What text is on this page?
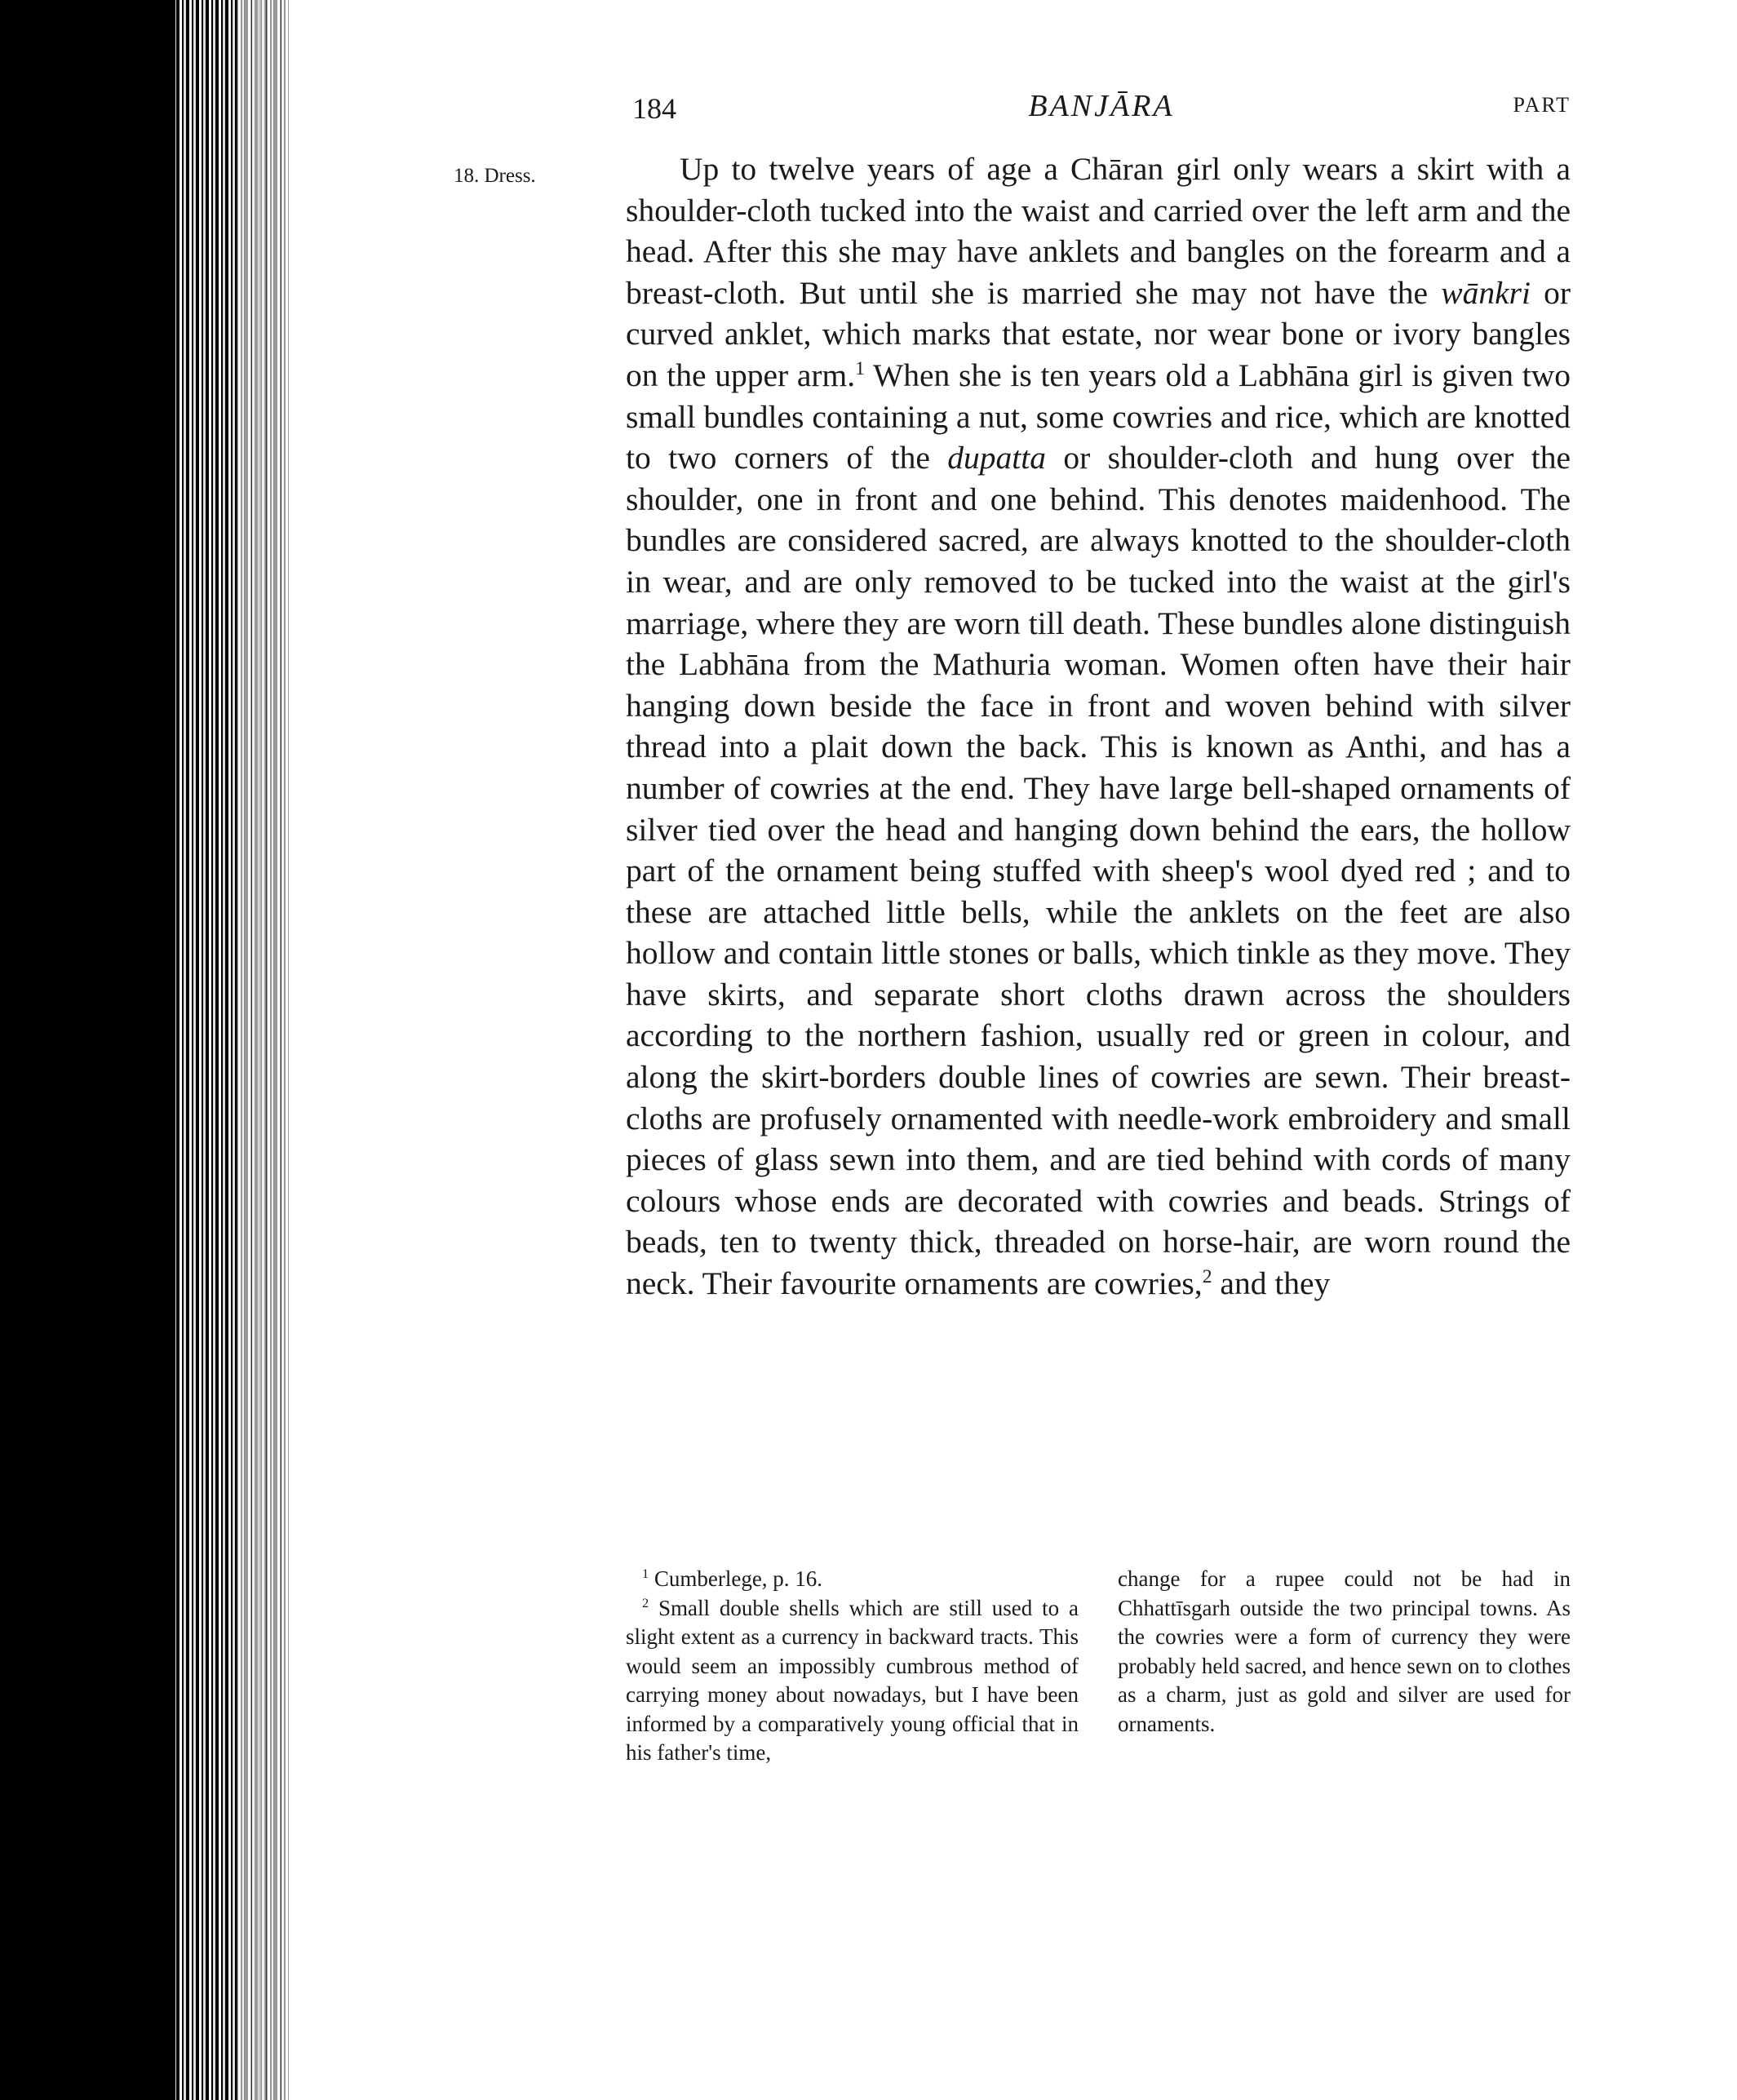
184	BANJĀRA	PART
18. Dress.	Up to twelve years of age a Chāran girl only wears a skirt with a shoulder-cloth tucked into the waist and carried over the left arm and the head. After this she may have anklets and bangles on the forearm and a breast-cloth. But until she is married she may not have the wānkri or curved anklet, which marks that estate, nor wear bone or ivory bangles on the upper arm.$^1$ When she is ten years old a Labhāna girl is given two small bundles containing a nut, some cowries and rice, which are knotted to two corners of the dupatta or shoulder-cloth and hung over the shoulder, one in front and one behind. This denotes maidenhood. The bundles are considered sacred, are always knotted to the shoulder-cloth in wear, and are only removed to be tucked into the waist at the girl's marriage, where they are worn till death. These bundles alone distinguish the Labhāna from the Mathuria woman. Women often have their hair hanging down beside the face in front and woven behind with silver thread into a plait down the back. This is known as Anthi, and has a number of cowries at the end. They have large bell-shaped ornaments of silver tied over the head and hanging down behind the ears, the hollow part of the ornament being stuffed with sheep's wool dyed red ; and to these are attached little bells, while the anklets on the feet are also hollow and contain little stones or balls, which tinkle as they move. They have skirts, and separate short cloths drawn across the shoulders according to the northern fashion, usually red or green in colour, and along the skirt-borders double lines of cowries are sewn. Their breast-cloths are profusely ornamented with needle-work embroidery and small pieces of glass sewn into them, and are tied behind with cords of many colours whose ends are decorated with cowries and beads. Strings of beads, ten to twenty thick, threaded on horse-hair, are worn round the neck. Their favourite ornaments are cowries,$^2$ and they

$^1$ Cumberlege, p. 16.

$^2$ Small double shells which are still used to a slight extent as a currency in backward tracts. This would seem an impossibly cumbrous method of carrying money about nowadays, but I have been informed by a comparatively young official that in his father's time,

change for a rupee could not be had in Chhattīsgarh outside the two principal towns. As the cowries were a form of currency they were probably held sacred, and hence sewn on to clothes as a charm, just as gold and silver are used for ornaments.
